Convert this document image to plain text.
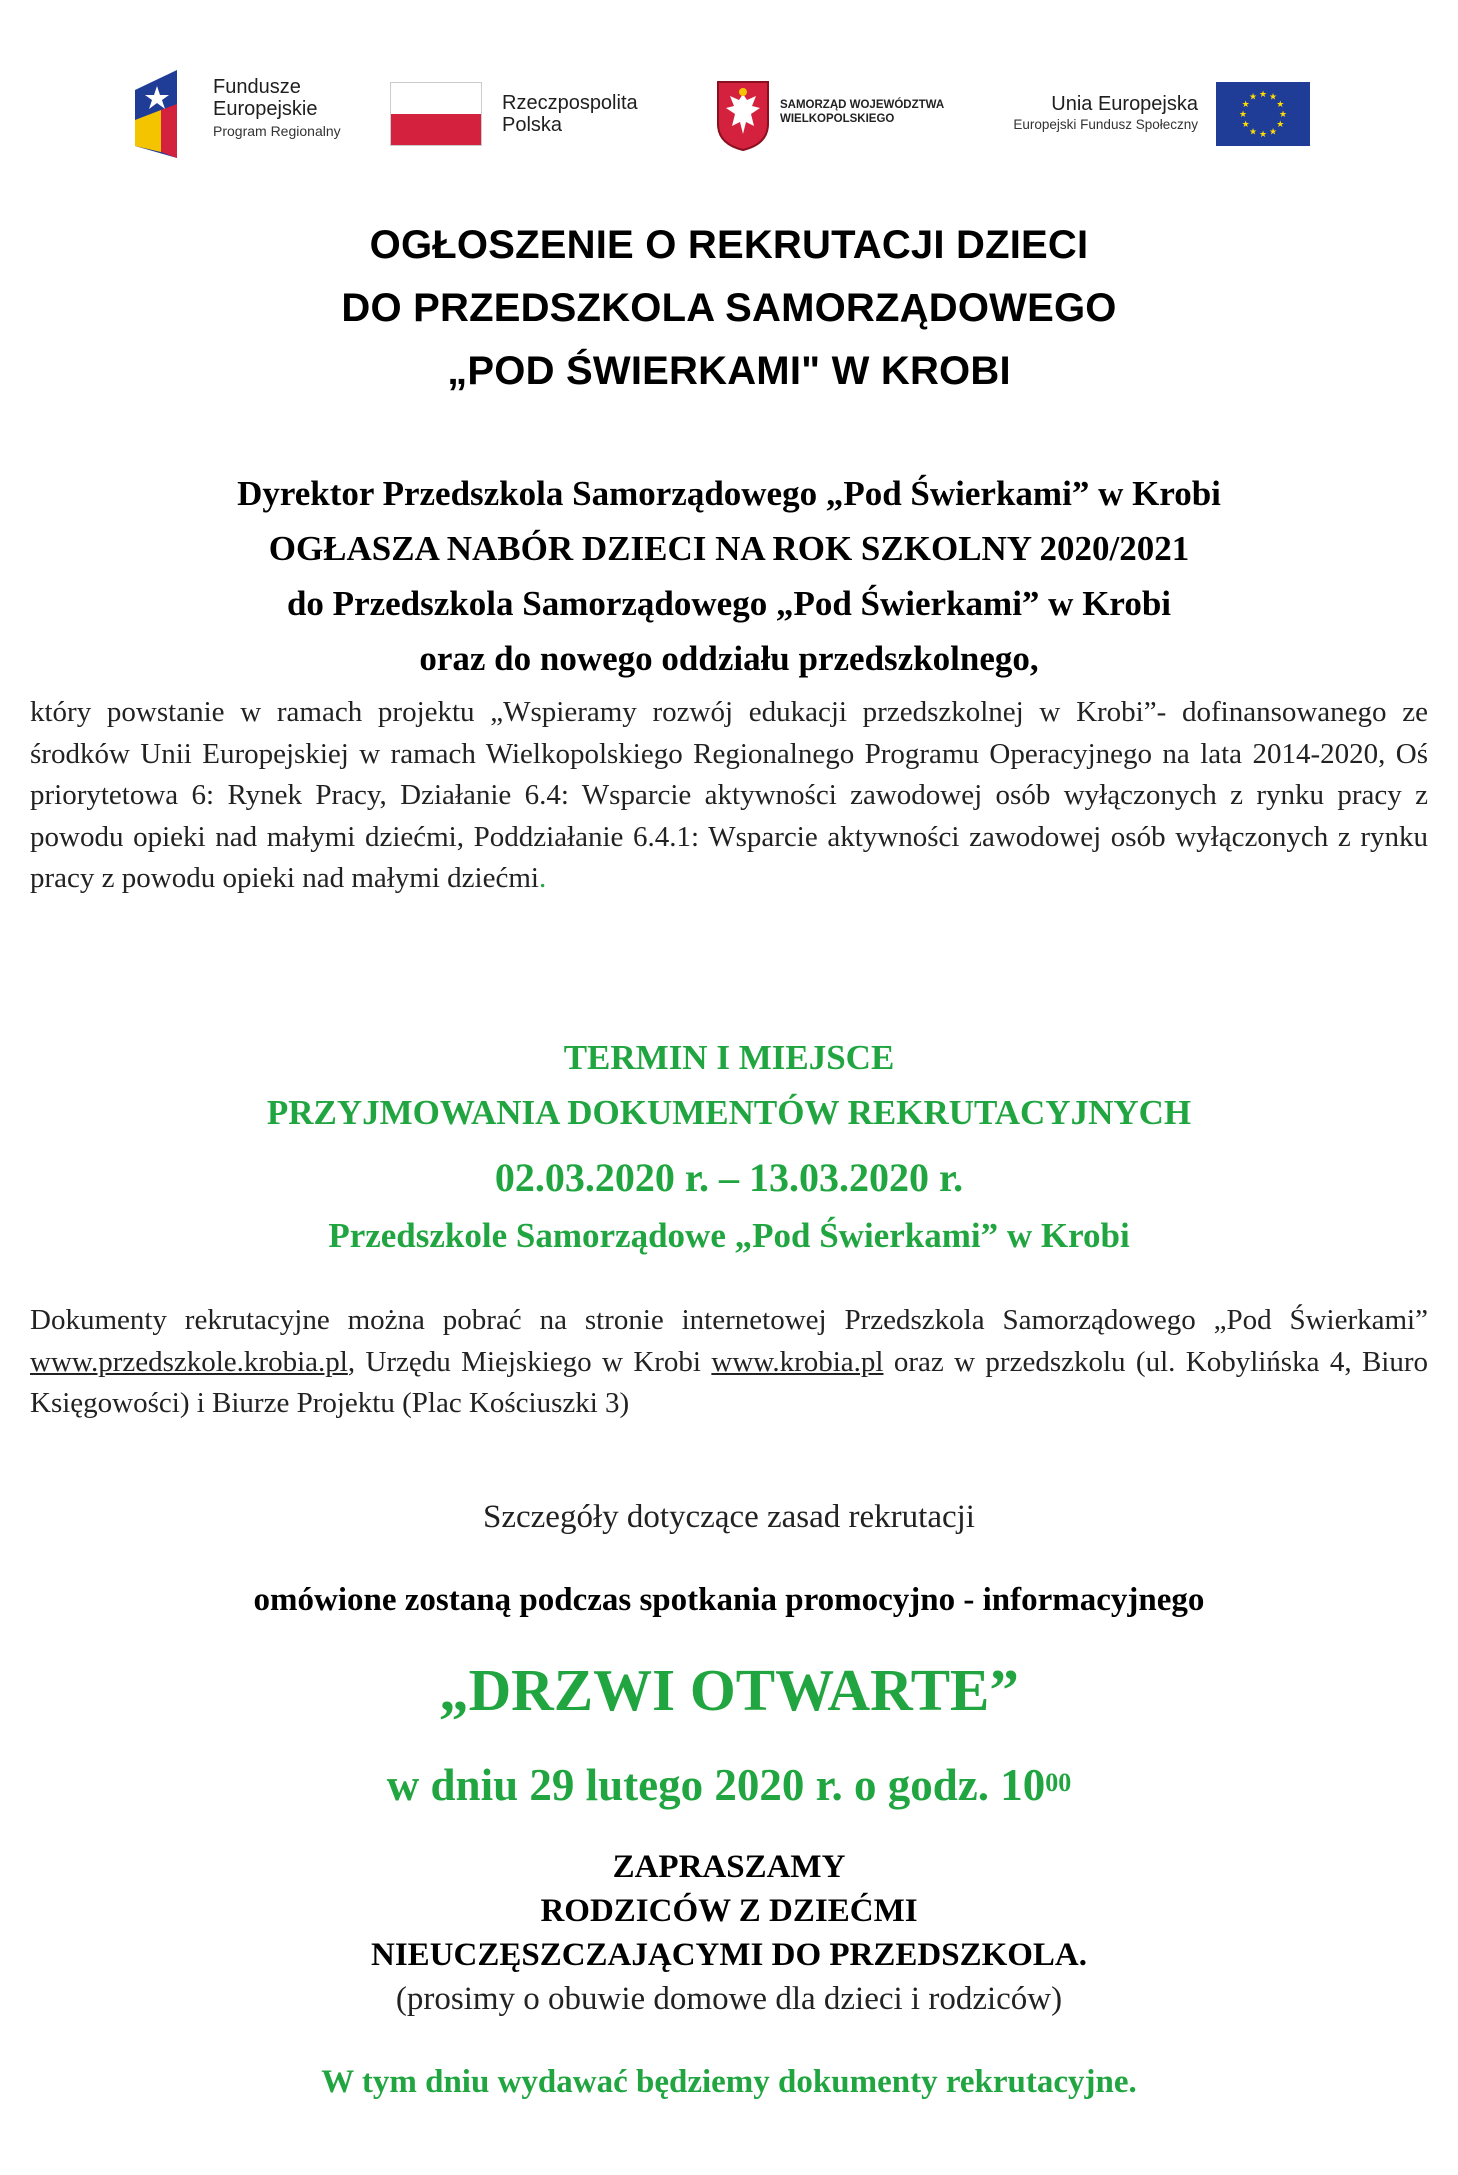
Fundusze
Europejskie
Program Regionalny
Rzeczpospolita
Polska
SAMORZĄD WOJEWÓDZTWA
WIELKOPOLSKIEGO
Unia Europejska
Europejski Fundusz Społeczny
★ ★
★
★
★
★
★
★
★
★
★
★
OGŁOSZENIE O REKRUTACJI DZIECI
DO PRZEDSZKOLA SAMORZĄDOWEGO
„POD ŚWIERKAMI" W KROBI
Dyrektor Przedszkola Samorządowego „Pod Świerkami” w Krobi
OGŁASZA NABÓR DZIECI NA ROK SZKOLNY 2020/2021
do Przedszkola Samorządowego „Pod Świerkami” w Krobi
oraz do nowego oddziału przedszkolnego,
który powstanie w ramach projektu „Wspieramy rozwój edukacji przedszkolnej w Krobi”- dofinansowanego ze środków Unii Europejskiej w ramach Wielkopolskiego Regionalnego Programu Operacyjnego na lata 2014-2020, Oś priorytetowa 6: Rynek Pracy, Działanie 6.4: Wsparcie aktywności zawodowej osób wyłączonych z rynku pracy z powodu opieki nad małymi dziećmi, Poddziałanie 6.4.1: Wsparcie aktywności zawodowej osób wyłączonych z rynku pracy z powodu opieki nad małymi dziećmi.
TERMIN I MIEJSCE
PRZYJMOWANIA DOKUMENTÓW REKRUTACYJNYCH
02.03.2020 r. – 13.03.2020 r.
Przedszkole Samorządowe „Pod Świerkami” w Krobi
Dokumenty rekrutacyjne można pobrać na stronie internetowej Przedszkola Samorządowego „Pod Świerkami” www.przedszkole.krobia.pl, Urzędu Miejskiego w Krobi www.krobia.pl oraz w przedszkolu (ul. Kobylińska 4, Biuro Księgowości) i Biurze Projektu (Plac Kościuszki 3)
Szczegóły dotyczące zasad rekrutacji
omówione zostaną podczas spotkania promocyjno - informacyjnego
„DRZWI OTWARTE”
w dniu 29 lutego 2020 r. o godz. $10^{00}$
ZAPRASZAMY
RODZICÓW Z DZIEĆMI
NIEUCZĘSZCZAJĄCYMI DO PRZEDSZKOLA.
(prosimy o obuwie domowe dla dzieci i rodziców)
W tym dniu wydawać będziemy dokumenty rekrutacyjne.
